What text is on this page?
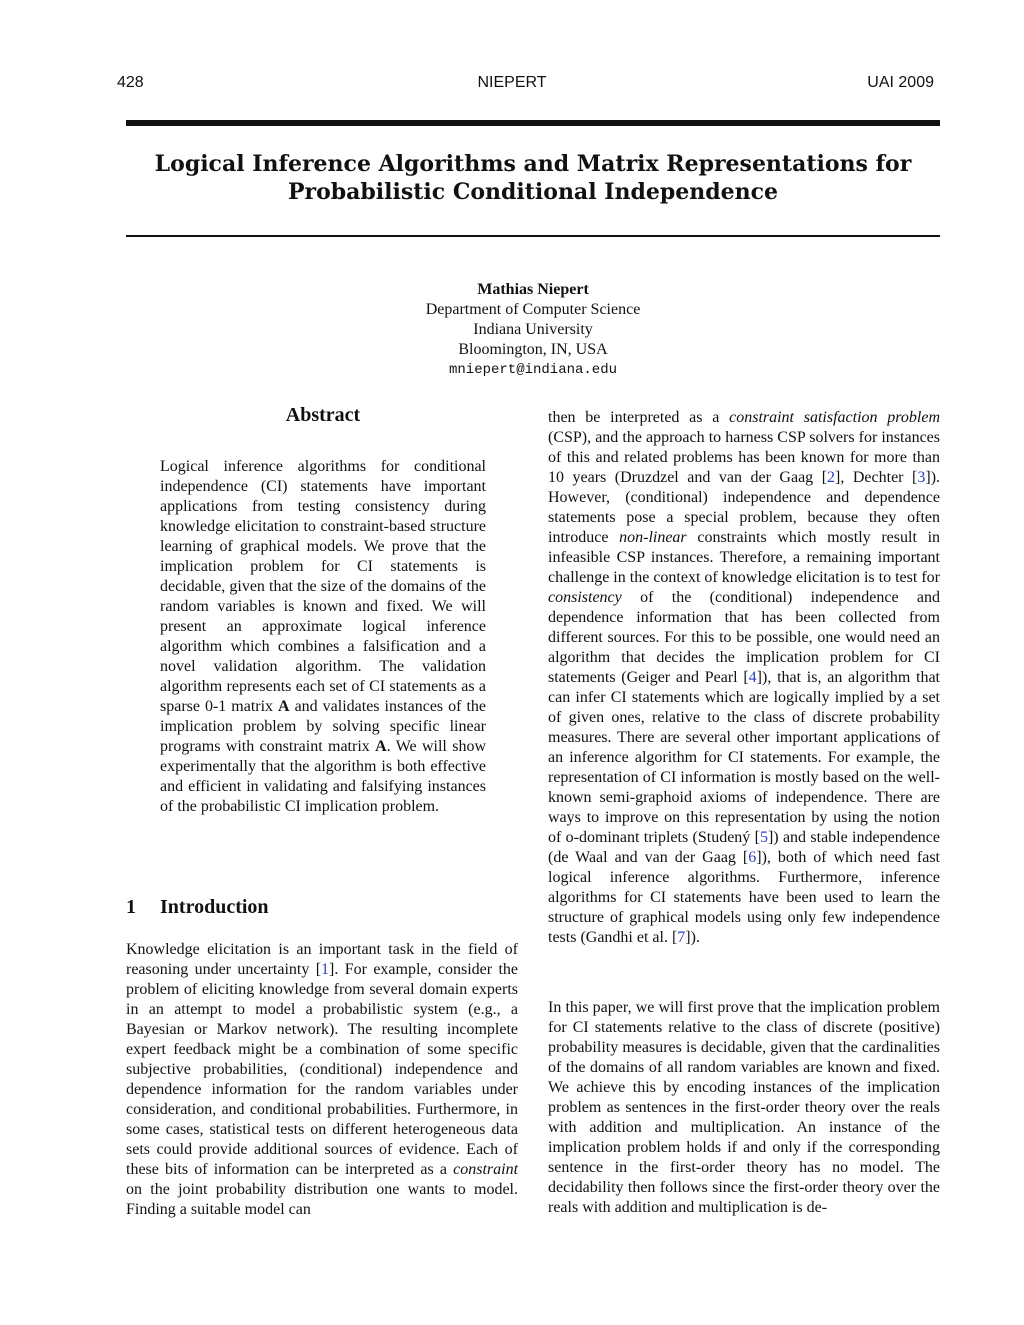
428	NIEPERT	UAI 2009
Logical Inference Algorithms and Matrix Representations for
Probabilistic Conditional Independence
Mathias Niepert
Department of Computer Science
Indiana University
Bloomington, IN, USA
mniepert@indiana.edu
Abstract
Logical inference algorithms for conditional independence (CI) statements have important applications from testing consistency during knowledge elicitation to constraint-based structure learning of graphical models. We prove that the implication problem for CI statements is decidable, given that the size of the domains of the random variables is known and fixed. We will present an approximate logical inference algorithm which combines a falsification and a novel validation algorithm. The validation algorithm represents each set of CI statements as a sparse 0-1 matrix A and validates instances of the implication problem by solving specific linear programs with constraint matrix A. We will show experimentally that the algorithm is both effective and efficient in validating and falsifying instances of the probabilistic CI implication problem.
1 Introduction
Knowledge elicitation is an important task in the field of reasoning under uncertainty [1]. For example, consider the problem of eliciting knowledge from several domain experts in an attempt to model a probabilistic system (e.g., a Bayesian or Markov network). The resulting incomplete expert feedback might be a combination of some specific subjective probabilities, (conditional) independence and dependence information for the random variables under consideration, and conditional probabilities. Furthermore, in some cases, statistical tests on different heterogeneous data sets could provide additional sources of evidence. Each of these bits of information can be interpreted as a constraint on the joint probability distribution one wants to model. Finding a suitable model can
then be interpreted as a constraint satisfaction problem (CSP), and the approach to harness CSP solvers for instances of this and related problems has been known for more than 10 years (Druzdzel and van der Gaag [2], Dechter [3]). However, (conditional) independence and dependence statements pose a special problem, because they often introduce non-linear constraints which mostly result in infeasible CSP instances. Therefore, a remaining important challenge in the context of knowledge elicitation is to test for consistency of the (conditional) independence and dependence information that has been collected from different sources. For this to be possible, one would need an algorithm that decides the implication problem for CI statements (Geiger and Pearl [4]), that is, an algorithm that can infer CI statements which are logically implied by a set of given ones, relative to the class of discrete probability measures. There are several other important applications of an inference algorithm for CI statements. For example, the representation of CI information is mostly based on the well-known semi-graphoid axioms of independence. There are ways to improve on this representation by using the notion of o-dominant triplets (Studený [5]) and stable independence (de Waal and van der Gaag [6]), both of which need fast logical inference algorithms. Furthermore, inference algorithms for CI statements have been used to learn the structure of graphical models using only few independence tests (Gandhi et al. [7]).
In this paper, we will first prove that the implication problem for CI statements relative to the class of discrete (positive) probability measures is decidable, given that the cardinalities of the domains of all random variables are known and fixed. We achieve this by encoding instances of the implication problem as sentences in the first-order theory over the reals with addition and multiplication. An instance of the implication problem holds if and only if the corresponding sentence in the first-order theory has no model. The decidability then follows since the first-order theory over the reals with addition and multiplication is de-
